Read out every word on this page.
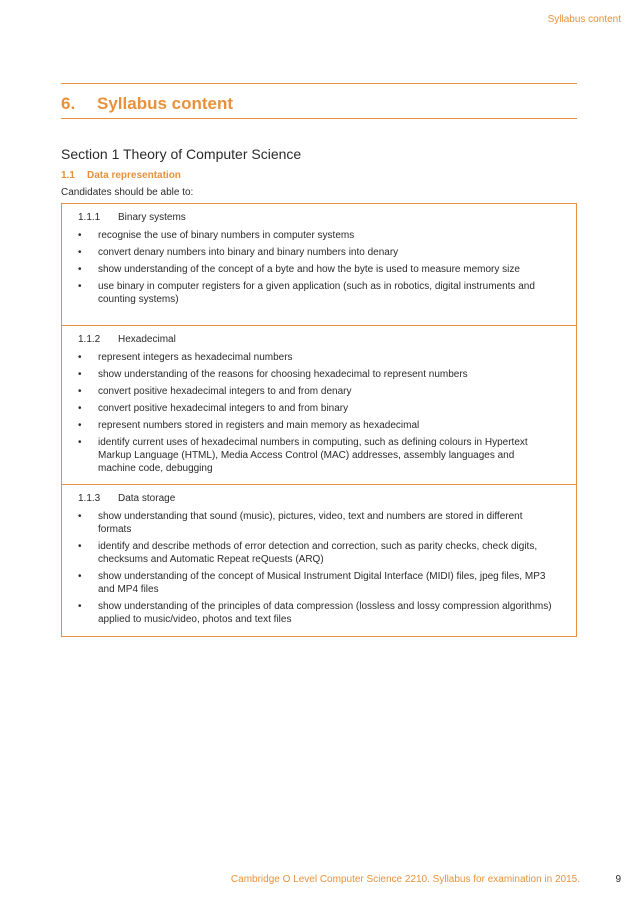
Syllabus content
6. Syllabus content
Section 1 Theory of Computer Science
1.1 Data representation
Candidates should be able to:
1.1.1 Binary systems
• recognise the use of binary numbers in computer systems
• convert denary numbers into binary and binary numbers into denary
• show understanding of the concept of a byte and how the byte is used to measure memory size
• use binary in computer registers for a given application (such as in robotics, digital instruments and counting systems)
1.1.2 Hexadecimal
• represent integers as hexadecimal numbers
• show understanding of the reasons for choosing hexadecimal to represent numbers
• convert positive hexadecimal integers to and from denary
• convert positive hexadecimal integers to and from binary
• represent numbers stored in registers and main memory as hexadecimal
• identify current uses of hexadecimal numbers in computing, such as defining colours in Hypertext Markup Language (HTML), Media Access Control (MAC) addresses, assembly languages and machine code, debugging
1.1.3 Data storage
• show understanding that sound (music), pictures, video, text and numbers are stored in different formats
• identify and describe methods of error detection and correction, such as parity checks, check digits, checksums and Automatic Repeat reQuests (ARQ)
• show understanding of the concept of Musical Instrument Digital Interface (MIDI) files, jpeg files, MP3 and MP4 files
• show understanding of the principles of data compression (lossless and lossy compression algorithms) applied to music/video, photos and text files
Cambridge O Level Computer Science 2210. Syllabus for examination in 2015.	9
